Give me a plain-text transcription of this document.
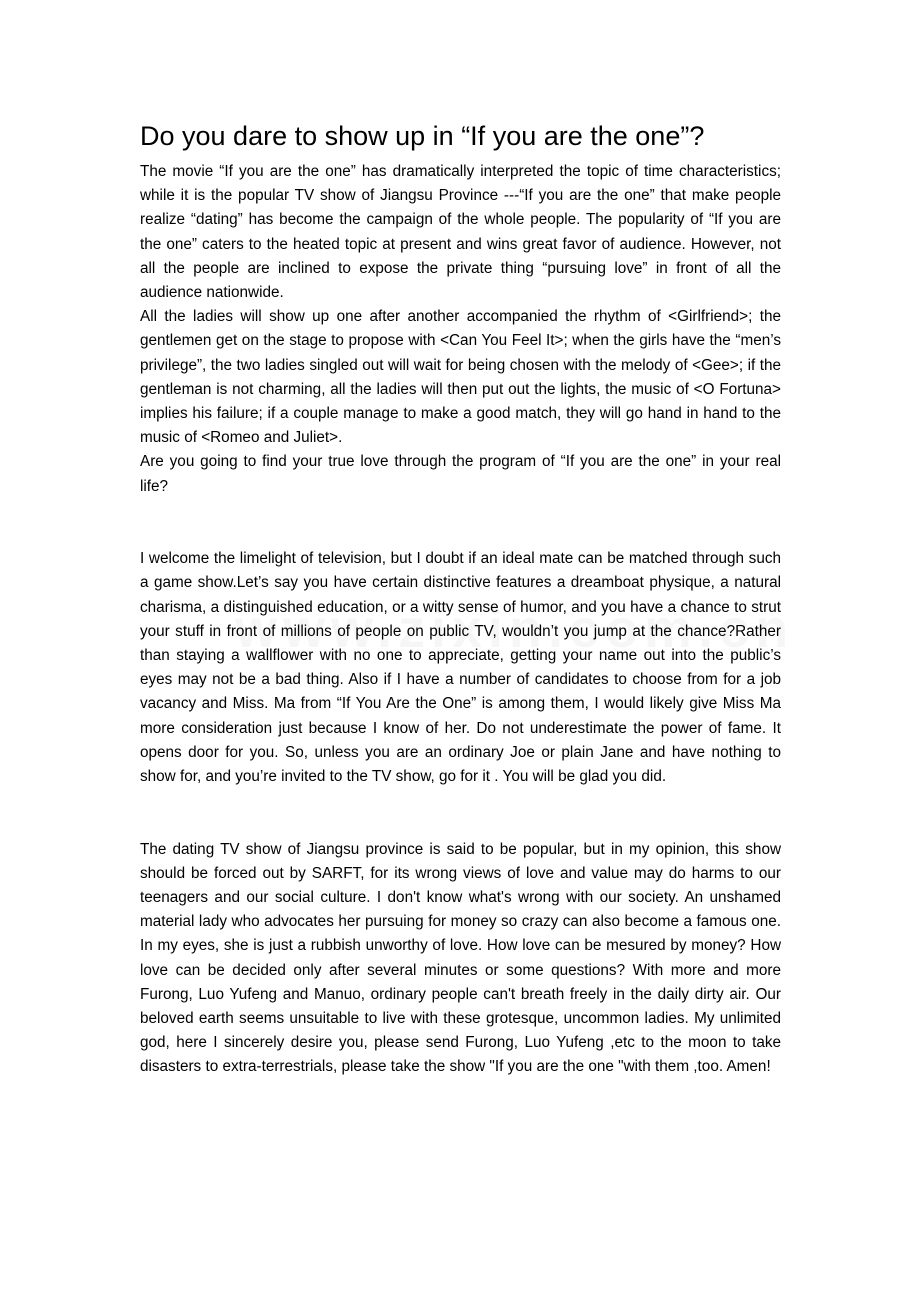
Do you dare to show up in “If you are the one”?

The movie “If you are the one” has dramatically interpreted the topic of time characteristics; while it is the popular TV show of Jiangsu Province ---“If you are the one” that make people realize “dating” has become the campaign of the whole people. The popularity of “If you are the one” caters to the heated topic at present and wins great favor of audience. However, not all the people are inclined to expose the private thing “pursuing love” in front of all the audience nationwide.

All the ladies will show up one after another accompanied the rhythm of <Girlfriend>; the gentlemen get on the stage to propose with <Can You Feel It>; when the girls have the “men’s privilege”, the two ladies singled out will wait for being chosen with the melody of <Gee>; if the gentleman is not charming, all the ladies will then put out the lights, the music of <O Fortuna> implies his failure; if a couple manage to make a good match, they will go hand in hand to the music of <Romeo and Juliet>.

Are you going to find your true love through the program of “If you are the one” in your real life?

I welcome the limelight of television, but I doubt if an ideal mate can be matched through such a game show.Let’s say you have certain distinctive features a dreamboat physique, a natural charisma, a distinguished education, or a witty sense of humor, and you have a chance to strut your stuff in front of millions of people on public TV, wouldn’t you jump at the chance?Rather than staying a wallflower with no one to appreciate, getting your name out into the public’s eyes may not be a bad thing. Also if I have a number of candidates to choose from for a job vacancy and Miss. Ma from “If You Are the One” is among them, I would likely give Miss Ma more consideration just because I know of her. Do not underestimate the power of fame. It opens door for you. So, unless you are an ordinary Joe or plain Jane and have nothing to show for, and you’re invited to the TV show, go for it . You will be glad you did.

The dating TV show of Jiangsu province is said to be popular, but in my opinion, this show should be forced out by SARFT, for its wrong views of love and value may do harms to our teenagers and our social culture. I don't know what's wrong with our society. An unshamed material lady who advocates her pursuing for money so crazy can also become a famous one. In my eyes, she is just a rubbish unworthy of love. How love can be mesured by money? How love can be decided only after several minutes or some questions? With more and more Furong, Luo Yufeng and Manuo, ordinary people can't breath freely in the daily dirty air. Our beloved earth seems unsuitable to live with these grotesque, uncommon ladies. My unlimited god, here I sincerely desire you, please send Furong, Luo Yufeng ,etc to the moon to take disasters to extra-terrestrials, please take the show "If you are the one "with them ,too. Amen!
